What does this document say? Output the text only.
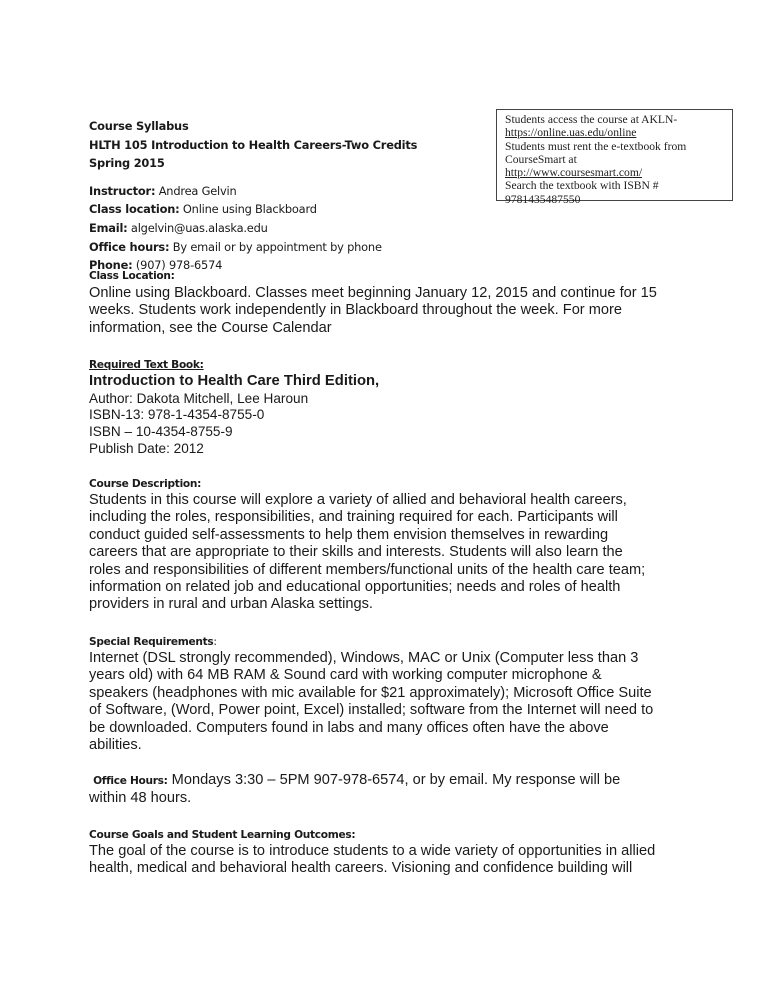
Course Syllabus
HLTH 105 Introduction to Health Careers-Two Credits
Spring 2015
Instructor: Andrea Gelvin
Class location: Online using Blackboard
Email: algelvin@uas.alaska.edu
Office hours: By email or by appointment by phone
Phone: (907) 978-6574
Students access the course at AKLN-
https://online.uas.edu/online
Students must rent the e-textbook from
CourseSmart at
http://www.coursesmart.com/
Search the textbook with ISBN #
9781435487550
Class Location:
Online using Blackboard. Classes meet beginning January 12, 2015 and continue for 15
weeks. Students work independently in Blackboard throughout the week. For more
information, see the Course Calendar
Required Text Book:
Introduction to Health Care Third Edition,
Author: Dakota Mitchell, Lee Haroun
ISBN-13: 978-1-4354-8755-0
ISBN – 10-4354-8755-9
Publish Date: 2012
Course Description:
Students in this course will explore a variety of allied and behavioral health careers,
including the roles, responsibilities, and training required for each. Participants will
conduct guided self-assessments to help them envision themselves in rewarding
careers that are appropriate to their skills and interests. Students will also learn the
roles and responsibilities of different members/functional units of the health care team;
information on related job and educational opportunities; needs and roles of health
providers in rural and urban Alaska settings.
Special Requirements:
Internet (DSL strongly recommended), Windows, MAC or Unix (Computer less than 3
years old) with 64 MB RAM & Sound card with working computer microphone &
speakers (headphones with mic available for $21 approximately); Microsoft Office Suite
of Software, (Word, Power point, Excel) installed; software from the Internet will need to
be downloaded. Computers found in labs and many offices often have the above
abilities.
Office Hours: Mondays 3:30 – 5PM 907-978-6574, or by email. My response will be
within 48 hours.
Course Goals and Student Learning Outcomes:
The goal of the course is to introduce students to a wide variety of opportunities in allied
health, medical and behavioral health careers. Visioning and confidence building will
